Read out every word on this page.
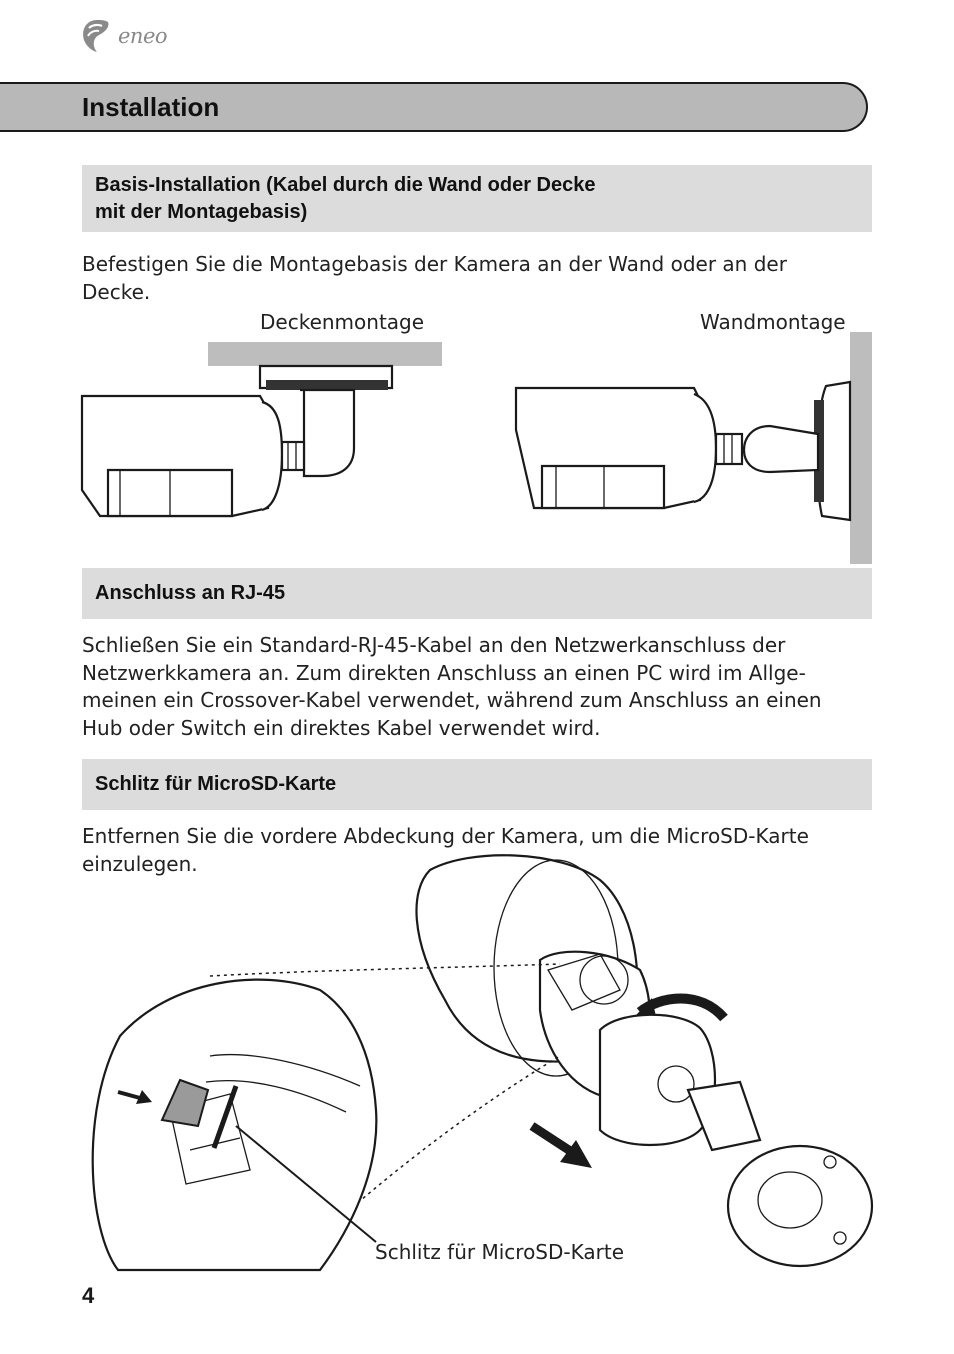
eneo
Installation
Basis-Installation (Kabel durch die Wand oder Decke
mit der Montagebasis)

Befestigen Sie die Montagebasis der Kamera an der Wand oder an der
Decke.

Deckenmontage	Wandmontage
Anschluss an RJ-45

Schließen Sie ein Standard-RJ-45-Kabel an den Netzwerkanschluss der
Netzwerkkamera an. Zum direkten Anschluss an einen PC wird im Allge-
meinen ein Crossover-Kabel verwendet, während zum Anschluss an einen
Hub oder Switch ein direktes Kabel verwendet wird.

Schlitz für MicroSD-Karte

Entfernen Sie die vordere Abdeckung der Kamera, um die MicroSD-Karte
einzulegen.

Schlitz für MicroSD-Karte
4
